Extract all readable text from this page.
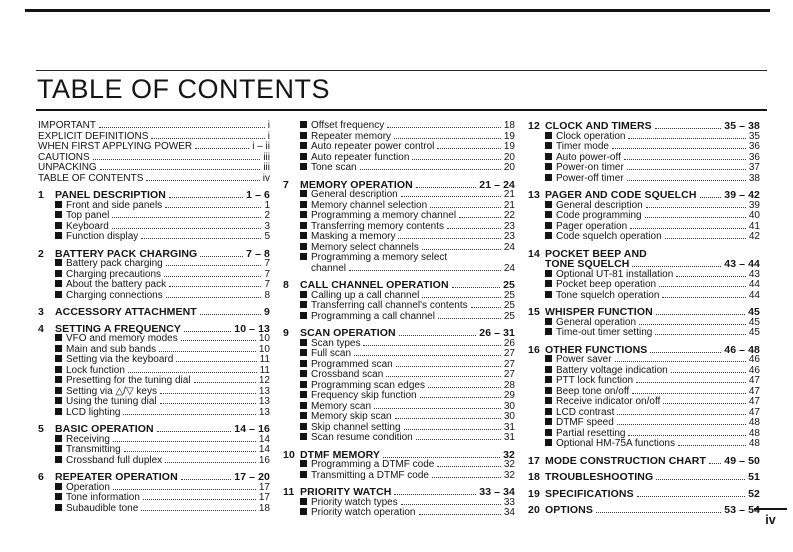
TABLE OF CONTENTS
IMPORTANT	i
EXPLICIT DEFINITIONS	i
WHEN FIRST APPLYING POWER	i – ii
CAUTIONS	iii
UNPACKING	iii
TABLE OF CONTENTS	iv
1	PANEL DESCRIPTION	1 – 6
Front and side panels	1
Top panel	2
Keyboard	3
Function display	5
2	BATTERY PACK CHARGING	7 – 8
Battery pack charging	7
Charging precautions	7
About the battery pack	7
Charging connections	8
3	ACCESSORY ATTACHMENT	9
4	SETTING A FREQUENCY	10 – 13
VFO and memory modes	10
Main and sub bands	10
Setting via the keyboard	11
Lock function	11
Presetting for the tuning dial	12
Setting via △/▽ keys	13
Using the tuning dial	13
LCD lighting	13
5	BASIC OPERATION	14 – 16
Receiving	14
Transmitting	14
Crossband full duplex	16
6	REPEATER OPERATION	17 – 20
Operation	17
Tone information	17
Subaudible tone	18
Offset frequency	18
Repeater memory	19
Auto repeater power control	19
Auto repeater function	20
Tone scan	20
7	MEMORY OPERATION	21 – 24
General description	21
Memory channel selection	21
Programming a memory channel	22
Transferring memory contents	23
Masking a memory	23
Memory select channels	24
Programming a memory select
channel	24
8	CALL CHANNEL OPERATION	25
Calling up a call channel	25
Transferring call channel's contents	25
Programming a call channel	25
9	SCAN OPERATION	26 – 31
Scan types	26
Full scan	27
Programmed scan	27
Crossband scan	27
Programming scan edges	28
Frequency skip function	29
Memory scan	30
Memory skip scan	30
Skip channel setting	31
Scan resume condition	31
10 DTMF MEMORY	32
Programming a DTMF code	32
Transmitting a DTMF code	32
11 PRIORITY WATCH	33 – 34
Priority watch types	33
Priority watch operation	34
12 CLOCK AND TIMERS	35 – 38
Clock operation	35
Timer mode	36
Auto power-off	36
Power-on timer	37
Power-off timer	38
13 PAGER AND CODE SQUELCH	39 – 42
General description	39
Code programming	40
Pager operation	41
Code squelch operation	42
14 POCKET BEEP AND
TONE SQUELCH	43 – 44
Optional UT-81 installation	43
Pocket beep operation	44
Tone squelch operation	44
15 WHISPER FUNCTION	45
General operation	45
Time-out timer setting	45
16 OTHER FUNCTIONS	46 – 48
Power saver	46
Battery voltage indication	46
PTT lock function	47
Beep tone on/off	47
Receive indicator on/off	47
LCD contrast	47
DTMF speed	48
Partial resetting	48
Optional HM-75A functions	48
17 MODE CONSTRUCTION CHART 49 – 50
18 TROUBLESHOOTING	51
19 SPECIFICATIONS	52
20 OPTIONS	53 – 54
iv
